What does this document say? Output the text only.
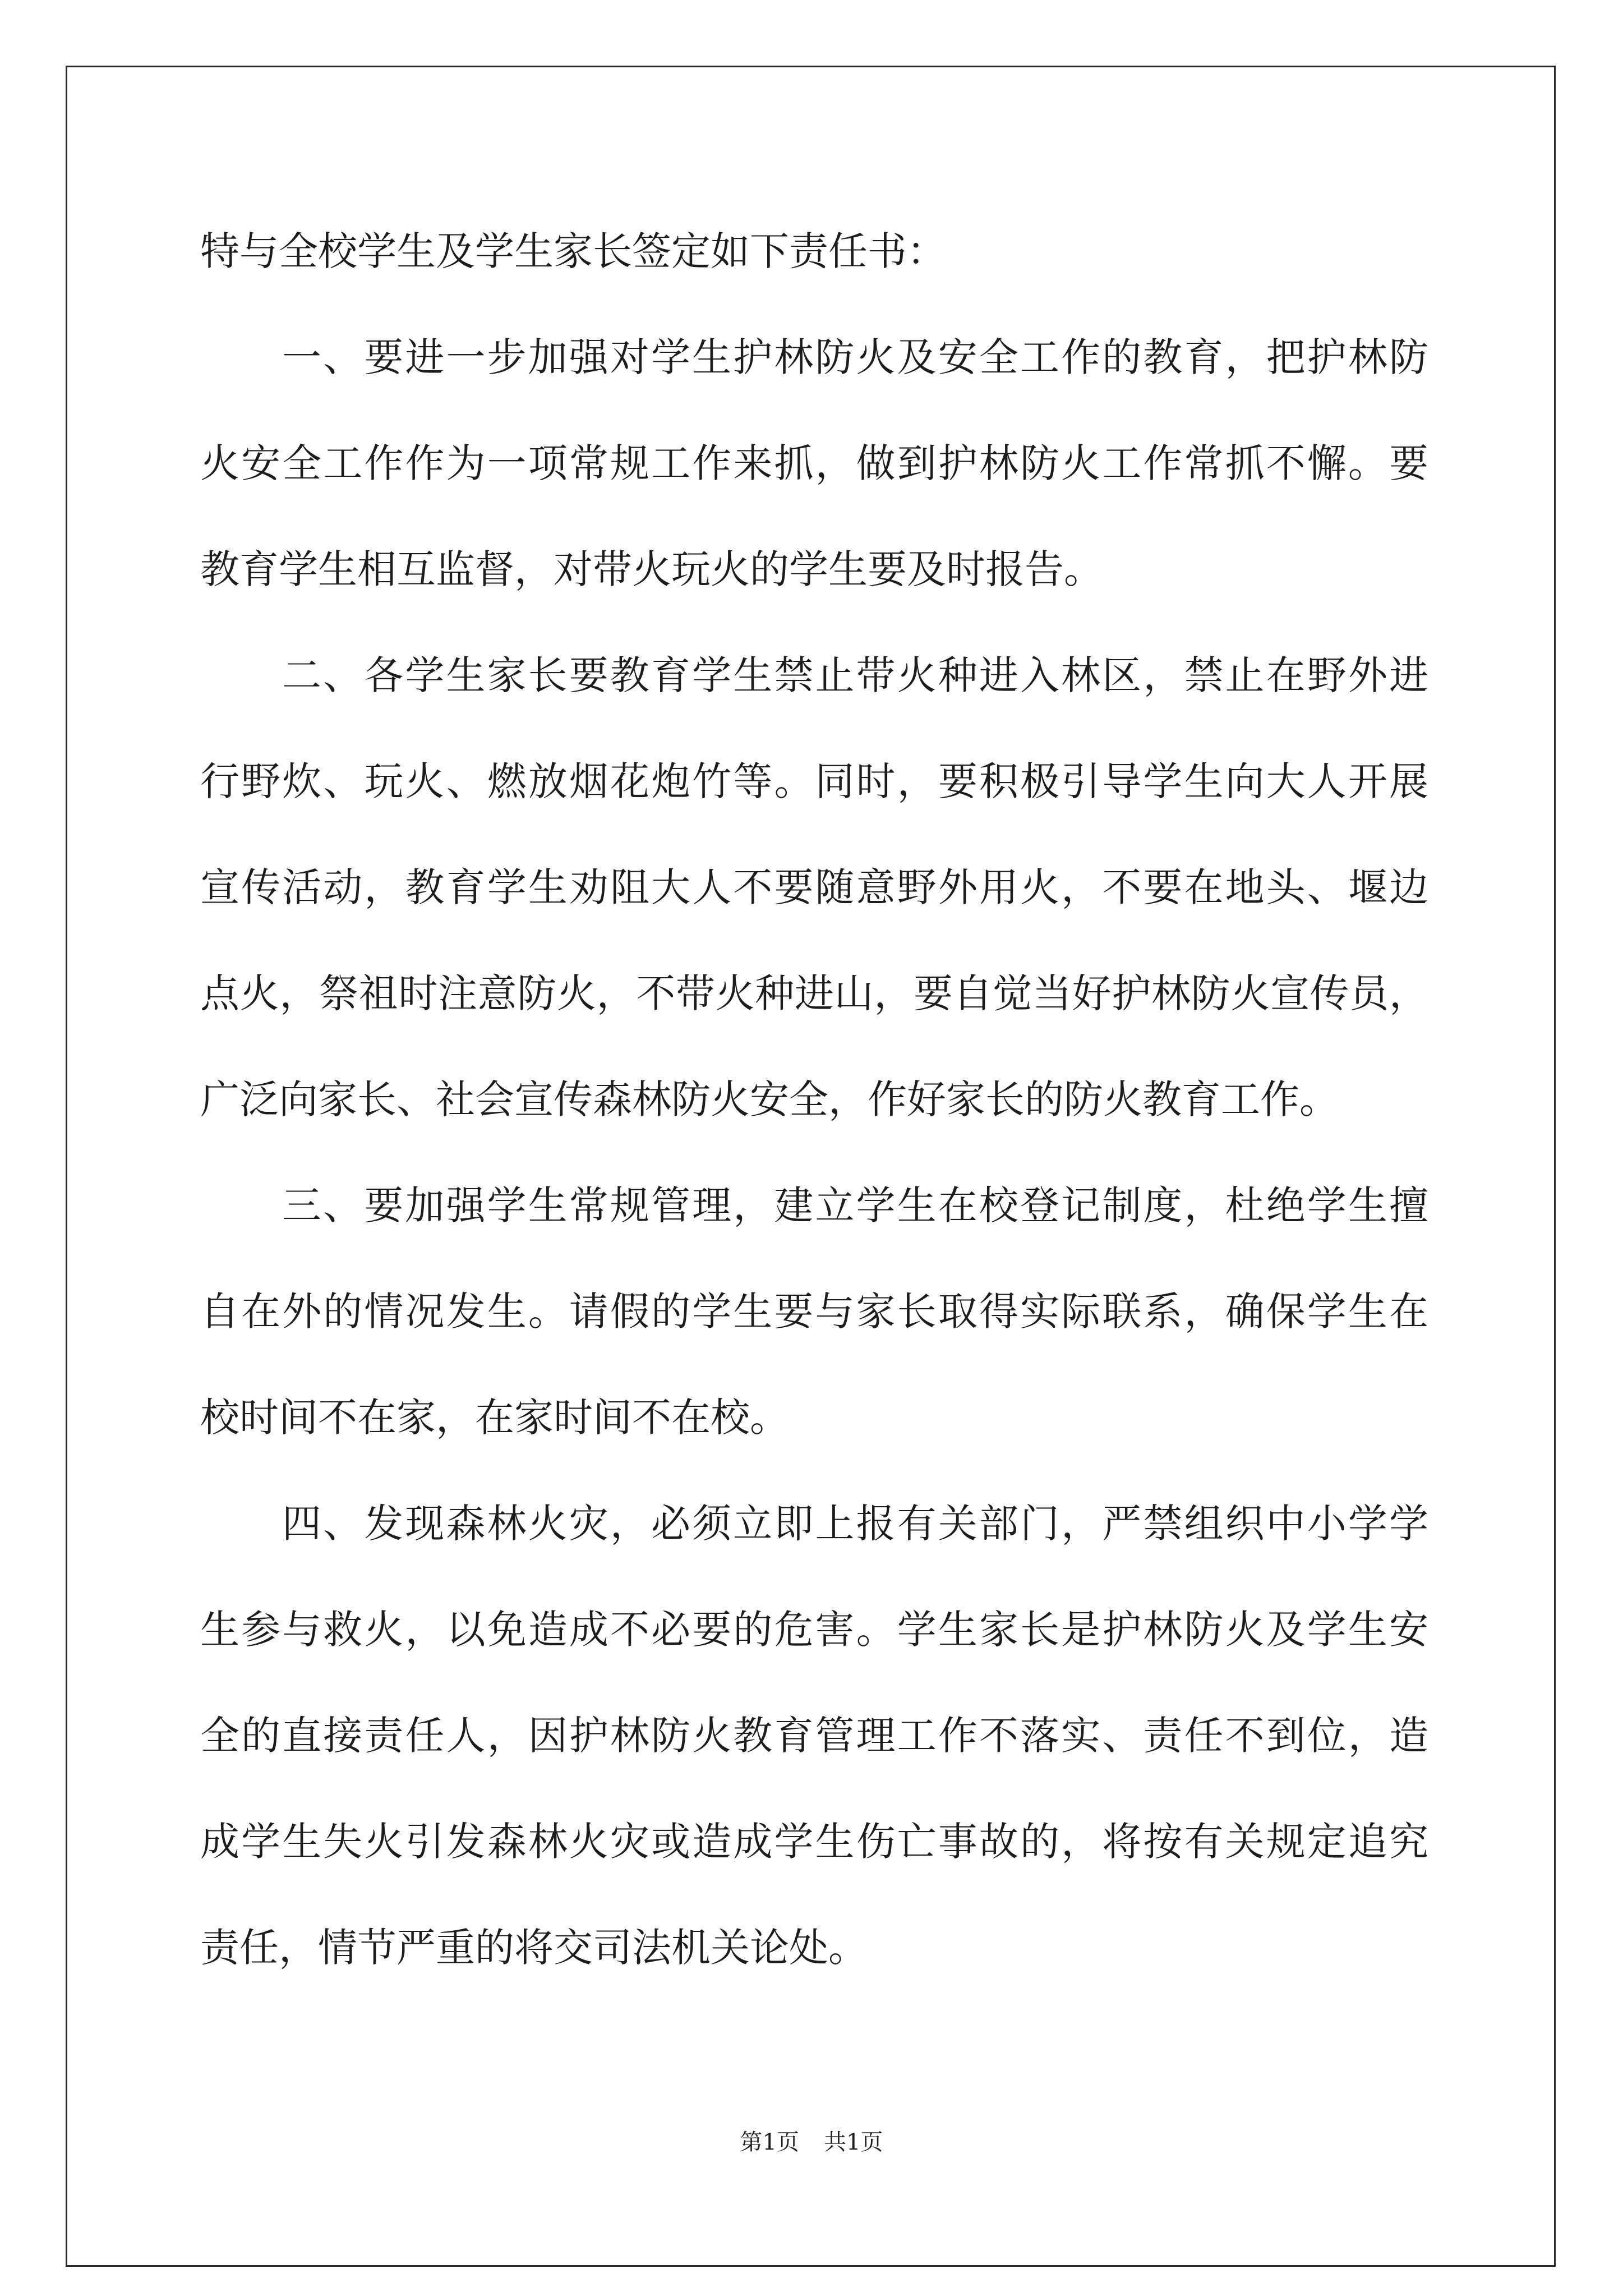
特与全校学生及学生家长签定如下责任书：
一、要进一步加强对学生护林防火及安全工作的教育，把护林防
火安全工作作为一项常规工作来抓，做到护林防火工作常抓不懈。要
教育学生相互监督，对带火玩火的学生要及时报告。
二、各学生家长要教育学生禁止带火种进入林区，禁止在野外进
行野炊、玩火、燃放烟花炮竹等。同时，要积极引导学生向大人开展
宣传活动，教育学生劝阻大人不要随意野外用火，不要在地头、堰边
点火，祭祖时注意防火，不带火种进山，要自觉当好护林防火宣传员，
广泛向家长、社会宣传森林防火安全，作好家长的防火教育工作。
三、要加强学生常规管理，建立学生在校登记制度，杜绝学生擅
自在外的情况发生。请假的学生要与家长取得实际联系，确保学生在
校时间不在家，在家时间不在校。
四、发现森林火灾，必须立即上报有关部门，严禁组织中小学学
生参与救火，以免造成不必要的危害。学生家长是护林防火及学生安
全的直接责任人，因护林防火教育管理工作不落实、责任不到位，造
成学生失火引发森林火灾或造成学生伤亡事故的，将按有关规定追究
责任，情节严重的将交司法机关论处。
第1页 共1页
